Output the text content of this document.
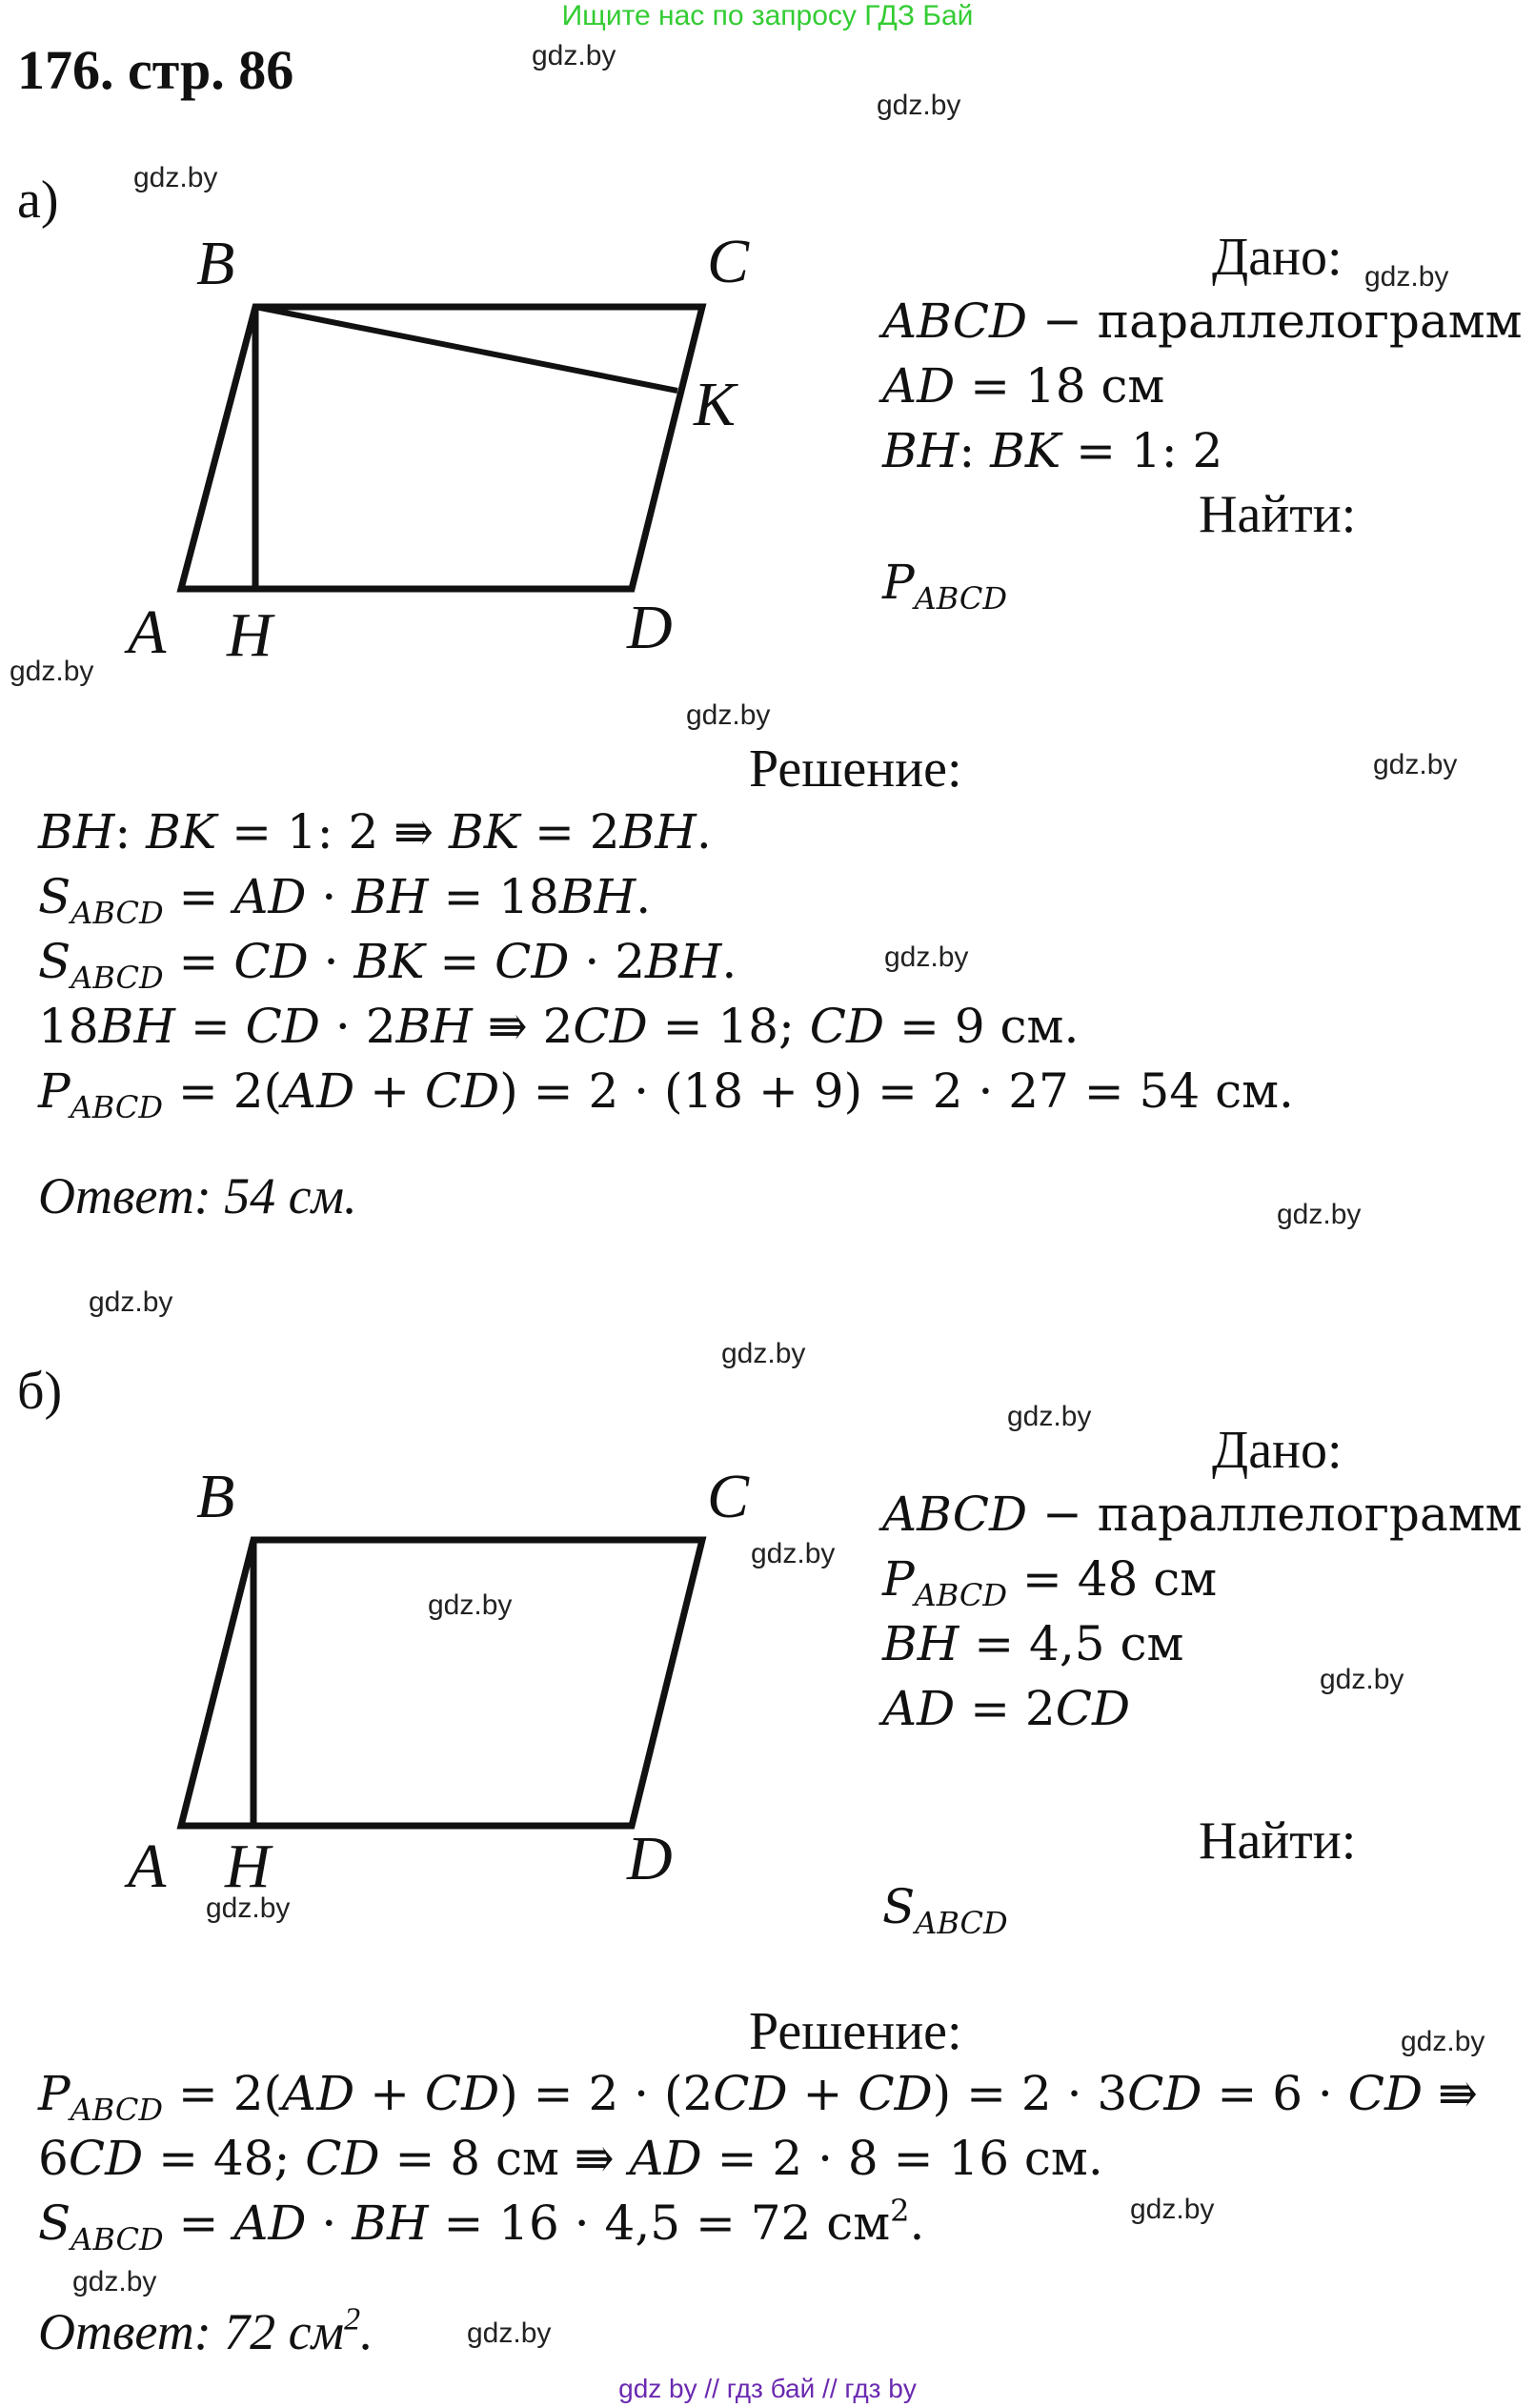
Ищите нас по запросу ГДЗ Бай
176. стр. 86	gdz.by
gdz.by
gdz.by
gdz.by
gdz.by
gdz.by
gdz.by
gdz.by
gdz.by
gdz.by
gdz.by
gdz.by
gdz.by
gdz.by
gdz.by
gdz.by
gdz.by
gdz.by
gdz.by
gdz.by
а)
B	C
K
A H	D
Дано:
ABCD − параллелограмм
AD = 18 см
BH: BK = 1: 2
Найти:
$P_{ABCD}$
Решение:
BH: BK = 1: 2 ⇛ BK = 2BH.
$S_{ABCD}$ = AD · BH = 18BH.
$S_{ABCD}$ = CD · BK = CD · 2BH.
18BH = CD · 2BH ⇛ 2CD = 18; CD = 9 см.
$P_{ABCD} = 2(AD + CD) = 2 \cdot (18 + 9) = 2 \cdot 27 = 54$ см.
Ответ: 54 см.
б)
B	C
A H	D
Дано:
ABCD − параллелограмм
$P_{ABCD} = 48$ см
BH = 4,5 см
AD = 2CD
Найти:
$S_{ABCD}$
Решение:
$P_{ABCD} = 2(AD + CD) = 2 \cdot (2CD + CD) = 2 \cdot 3CD = 6$ · CD ⇛
6CD = 48; CD = 8 см ⇛ AD = 2 · 8 = 16 см.
$S_{ABCD}$ = AD · BH = 16 · 4,5 = 72 $см^2$.
Ответ: 72 $см^2$.
gdz by // гдз бай // гдз by
